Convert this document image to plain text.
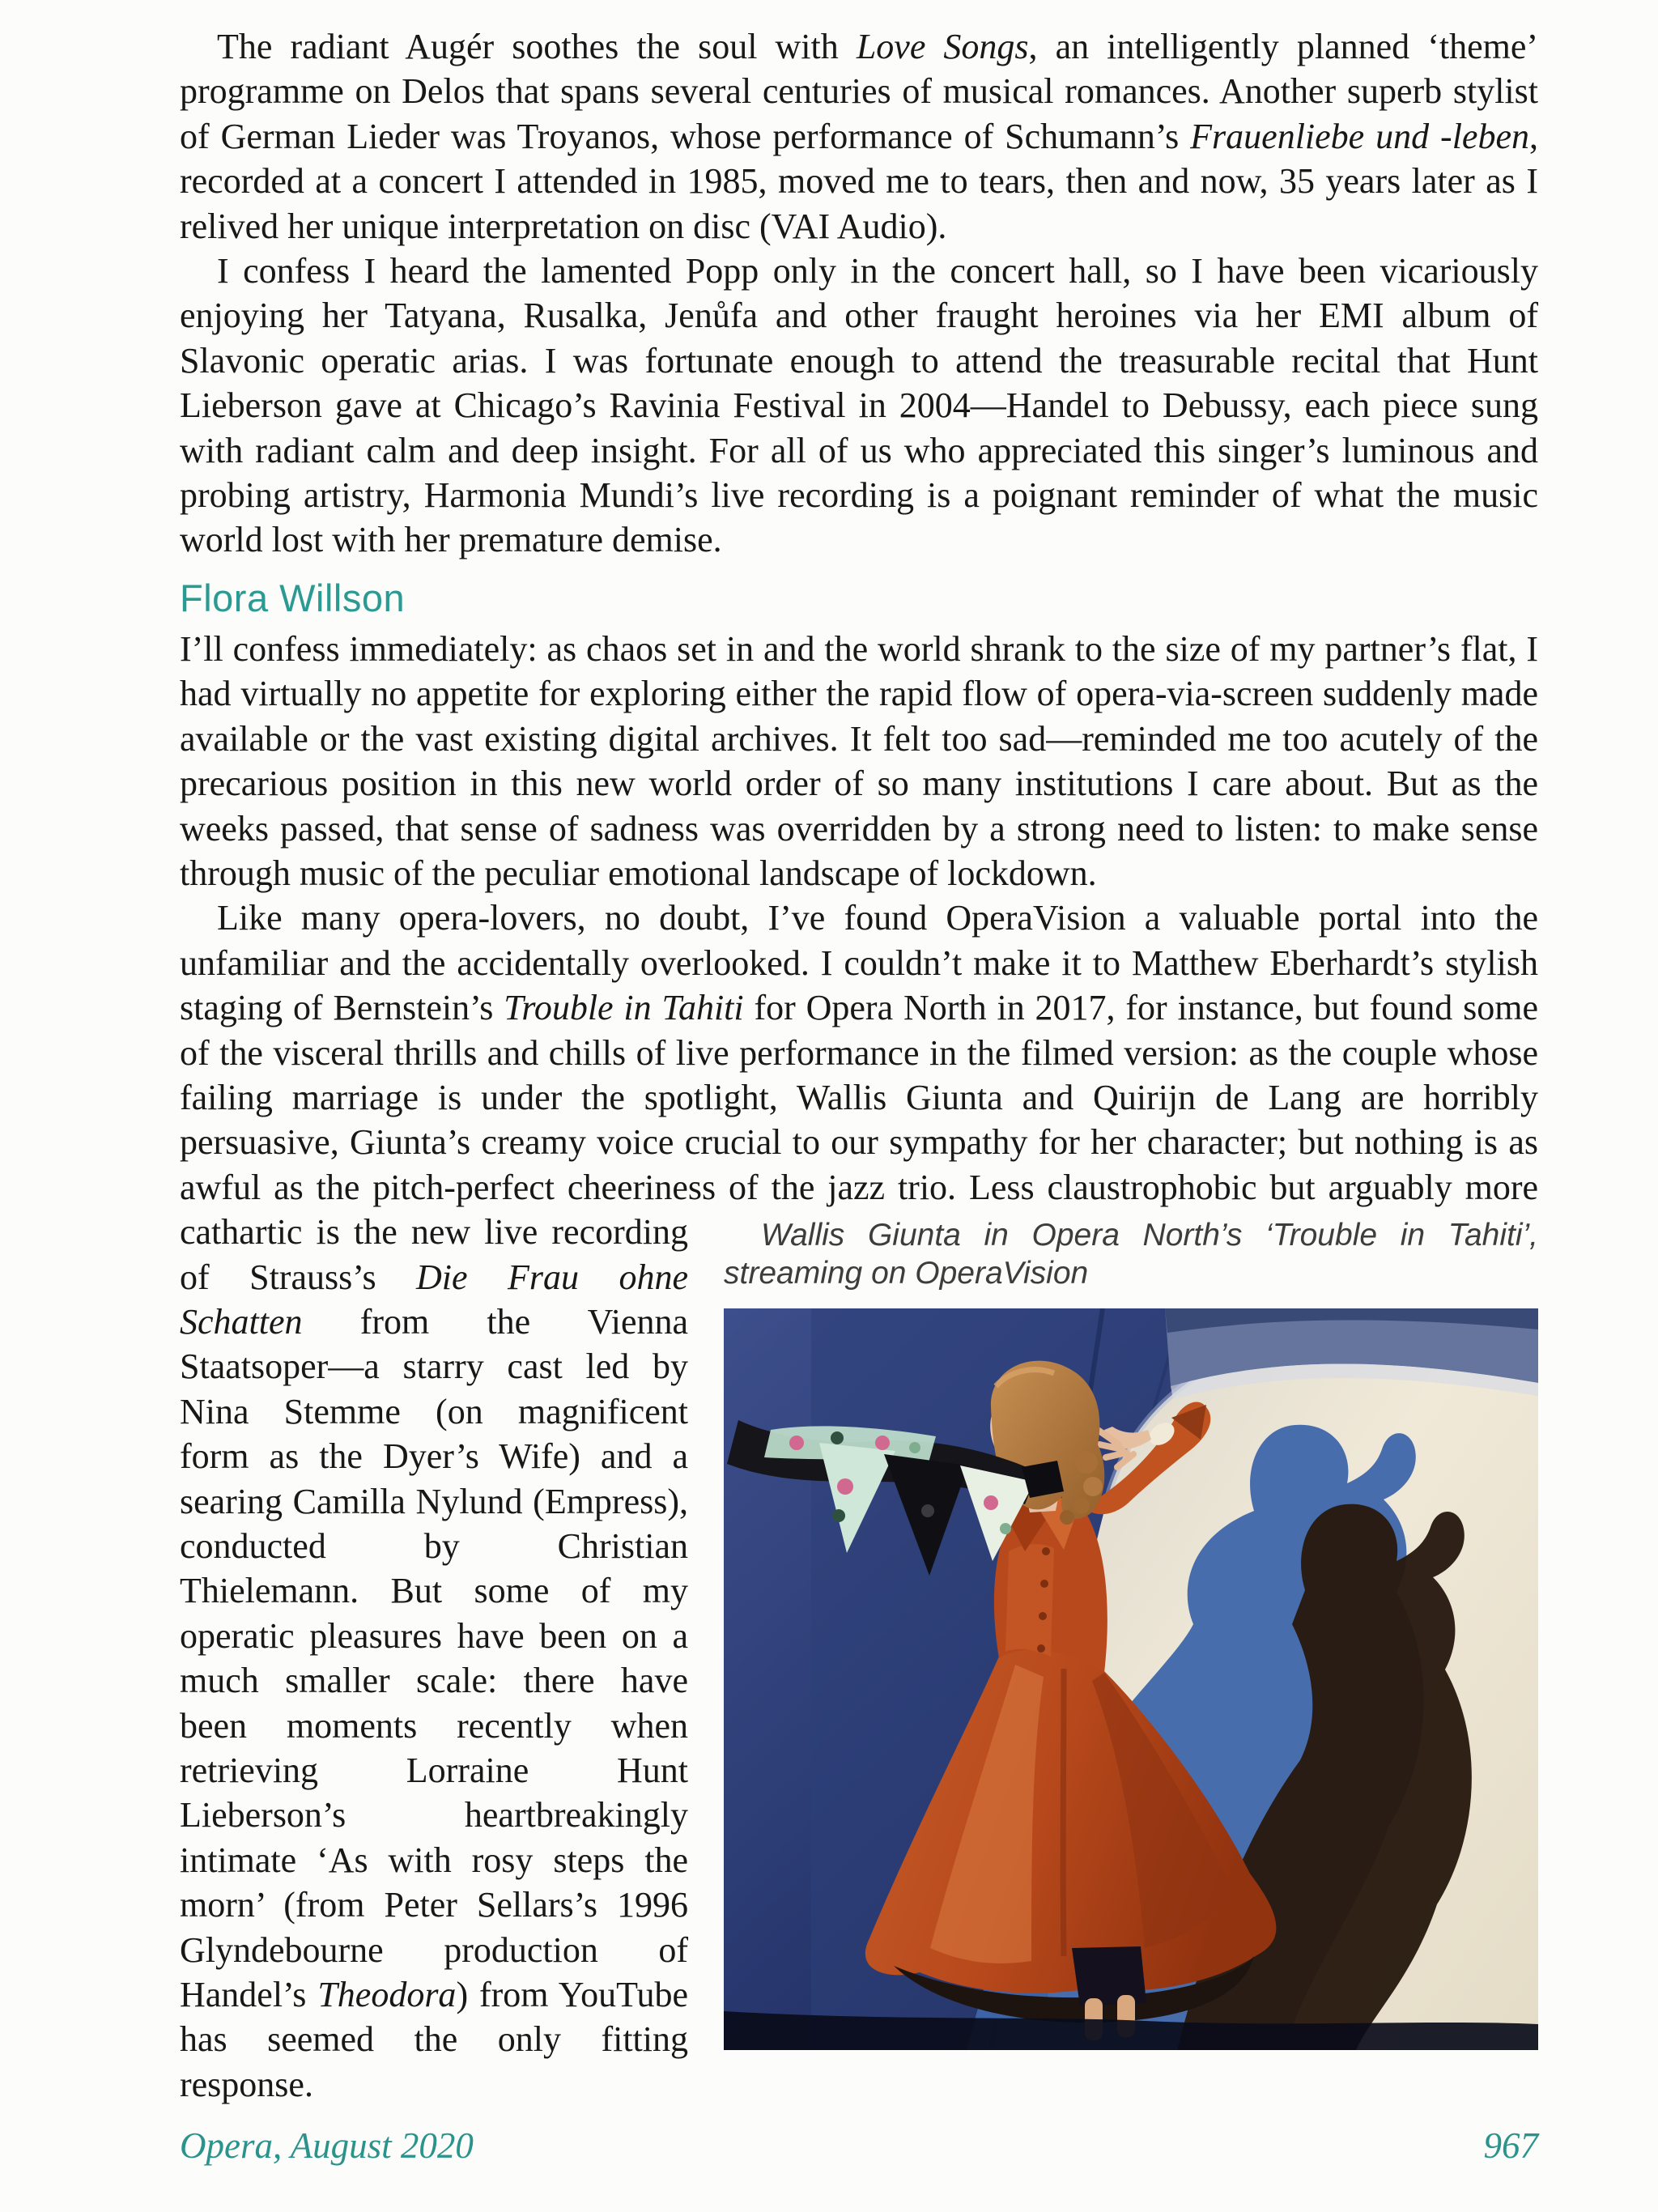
The radiant Augér soothes the soul with Love Songs, an intelligently planned ‘theme’ programme on Delos that spans several centuries of musical romances. Another superb stylist of German Lieder was Troyanos, whose performance of Schumann’s Frauenliebe und -leben, recorded at a concert I attended in 1985, moved me to tears, then and now, 35 years later as I relived her unique interpretation on disc (VAI Audio).

I confess I heard the lamented Popp only in the concert hall, so I have been vicariously enjoying her Tatyana, Rusalka, Jenůfa and other fraught heroines via her EMI album of Slavonic operatic arias. I was fortunate enough to attend the treasurable recital that Hunt Lieberson gave at Chicago’s Ravinia Festival in 2004—Handel to Debussy, each piece sung with radiant calm and deep insight. For all of us who appreciated this singer’s luminous and probing artistry, Harmonia Mundi’s live recording is a poignant reminder of what the music world lost with her premature demise.

Flora Willson

I’ll confess immediately: as chaos set in and the world shrank to the size of my partner’s flat, I had virtually no appetite for exploring either the rapid flow of opera-via-screen suddenly made available or the vast existing digital archives. It felt too sad—reminded me too acutely of the precarious position in this new world order of so many institutions I care about. But as the weeks passed, that sense of sadness was overridden by a strong need to listen: to make sense through music of the peculiar emotional landscape of lockdown.

Like many opera-lovers, no doubt, I’ve found OperaVision a valuable portal into the unfamiliar and the accidentally overlooked. I couldn’t make it to Matthew Eberhardt’s stylish staging of Bernstein’s Trouble in Tahiti for Opera North in 2017, for instance, but found some of the visceral thrills and chills of live performance in the filmed version: as the couple whose failing marriage is under the spotlight, Wallis Giunta and Quirijn de Lang are horribly persuasive, Giunta’s creamy voice crucial to our sympathy for her character; but nothing is as awful as the pitch-perfect cheeriness of the jazz trio. Less claustrophobic but
Wallis Giunta in Opera North’s ‘Trouble in Tahiti’, streaming on OperaVision
arguably more cathartic is the new live recording of Strauss’s Die Frau ohne Schatten from the Vienna Staatsoper—a starry cast led by Nina Stemme (on magnificent form as the Dyer’s Wife) and a searing Camilla Nylund (Empress), conducted by Christian Thielemann. But some of my operatic pleasures have been on a much smaller scale: there have been moments recently when retrieving Lorraine Hunt Lieberson’s heartbreakingly intimate ‘As with rosy steps the morn’ (from Peter Sellars’s 1996 Glyndebourne production of Handel’s Theodora) from YouTube has seemed the only fitting response.

Opera, August 2020	967
